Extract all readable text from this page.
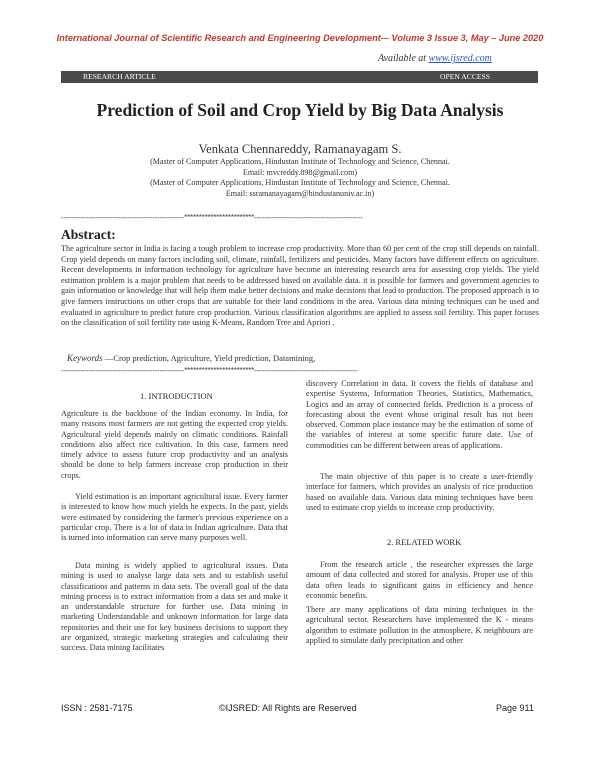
International Journal of Scientific Research and Engineering Development-– Volume 3 Issue 3, May – June 2020
Available at www.ijsred.com
RESEARCH ARTICLE	OPEN ACCESS
Prediction of Soil and Crop Yield by Big Data Analysis
Venkata Chennareddy, Ramanayagam S.
(Master of Computer Applications, Hindustan Institute of Technology and Science, Chennai.
Email: mvcreddy.898@gmail.com)
(Master of Computer Applications, Hindustan Institute of Technology and Science, Chennai.
Email: ssramanayagam@hindustanuniv.ac.in)
--------------------------------------------------************************--------------------------------------------
Abstract:
The agriculture sector in India is facing a tough problem to increase crop productivity. More than 60 per cent of the crop still depends on rainfall. Crop yield depends on many factors including soil, climate, rainfall, fertilizers and pesticides. Many factors have different effects on agriculture. Recent developments in information technology for agriculture have become an interesting research area for assessing crop yields. The yield estimation problem is a major problem that needs to be addressed based on available data. it is possible for farmers and government agencies to gain information or knowledge that will help them make better decisions and make decisions that lead to production. The proposed approach is to give farmers instructions on other crops that are suitable for their land conditions in the area. Various data mining techniques can be used and evaluated in agriculture to predict future crop production. Various classification algorithms are applied to assess soil fertility. This paper focuses on the classification of soil fertility rate using K-Means, Random Tree and Apriori .
Keywords —Crop prediction, Agriculture, Yield prediction, Datamining,
--------------------------------------------------************************------------------------------------------
1. INTRODUCTION

Agriculture is the backbone of the Indian economy. In India, for many reasons most farmers are not getting the expected crop yields. Agricultural yield depends mainly on climatic conditions. Rainfall conditions also affect rice cultivation. In this case, farmers need timely advice to assess future crop productivity and an analysis should be done to help farmers increase crop production in their crops.

Yield estimation is an important agricultural issue. Every farmer is interested to know how much yields he expects. In the past, yields were estimated by considering the farmer's previous experience on a particular crop. There is a lot of data in Indian agriculture. Data that is turned into information can serve many purposes well.

Data mining is widely applied to agricultural issues. Data mining is used to analyse large data sets and to establish useful classifications and patterns in data sets. The overall goal of the data mining process is to extract information from a data set and make it an understandable structure for further use. Data mining in marketing Understandable and unknown information for large data repositories and their use for key business decisions to support they are organized, strategic marketing strategies and calculating their success. Data mining facilitates

discovery Correlation in data. It covers the fields of database and expertise Systems, Information Theories, Statistics, Mathematics, Logics and an array of connected fields. Prediction is a process of forecasting about the event whose original result has not been observed. Common place instance may be the estimation of some of the variables of interest at some specific future date. Use of commodities can be different between areas of applications.

The main objective of this paper is to create a user-friendly interface for farmers, which provides an analysis of rice production based on available data. Various data mining techniques have been used to estimate crop yields to increase crop productivity.

2. RELATED WORK

From the research article , the researcher expresses the large amount of data collected and stored for analysis. Proper use of this data often leads to significant gains in efficiency and hence economic benefits.

There are many applications of data mining techniques in the agricultural sector. Researchers have implemented the K - means algorithm to estimate pollution in the atmosphere, K neighbours are applied to simulate daily precipitation and other

ISSN : 2581-7175	©IJSRED: All Rights are Reserved	Page 911
